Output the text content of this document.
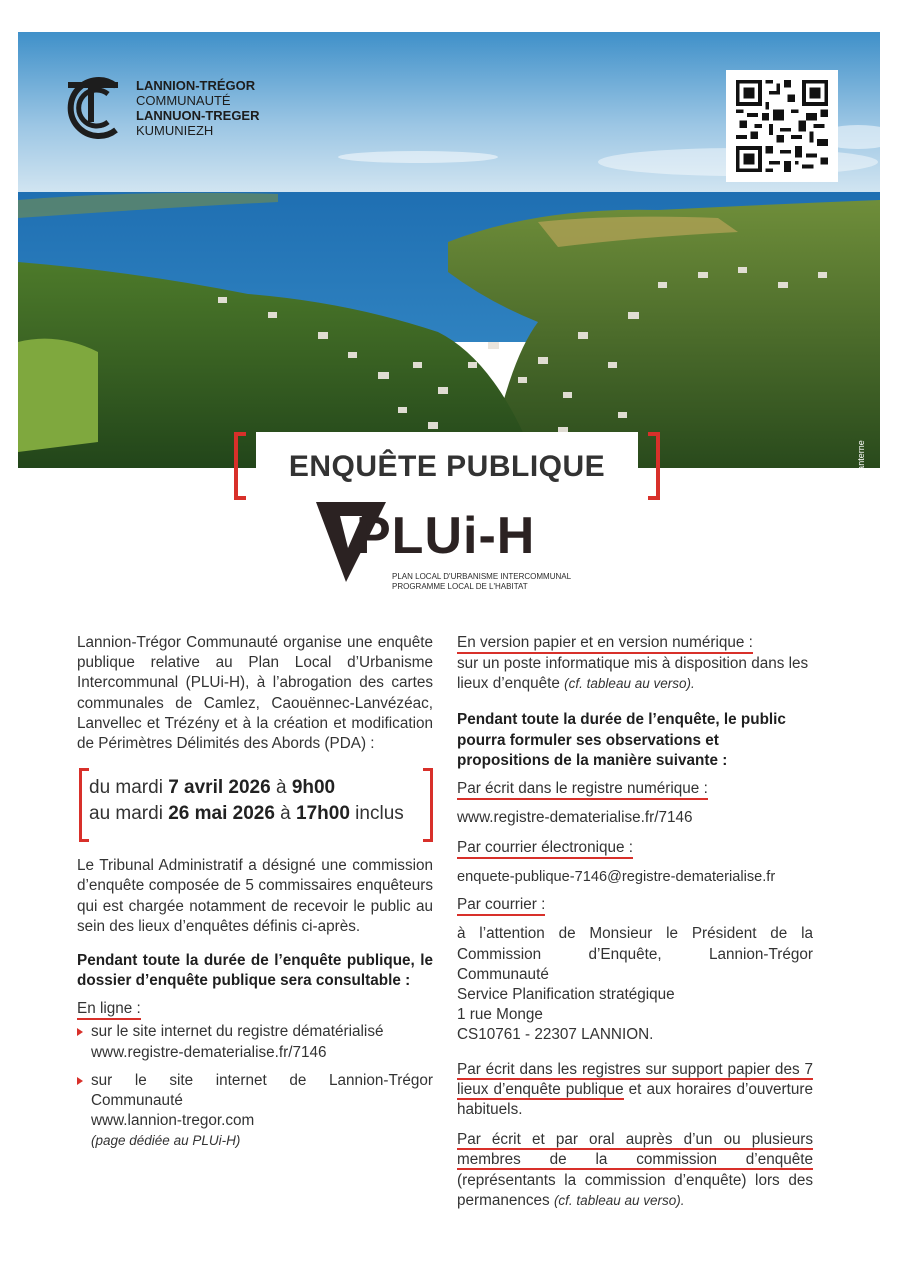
LANNION-TRÉGOR
COMMUNAUTÉ
LANNUON-TREGER
KUMUNIEZH
© Yoan Brière - La Lanterne
ENQUÊTE PUBLIQUE
PLUi-H
PLAN LOCAL D'URBANISME INTERCOMMUNAL
PROGRAMME LOCAL DE L'HABITAT

Lannion-Trégor Communauté organise une enquête publique relative au Plan Local d’Urbanisme Intercommunal (PLUi-H), à l’abrogation des cartes communales de Camlez, Caouënnec-Lanvézéac, Lanvellec et Trézény et à la création et modification de Périmètres Délimités des Abords (PDA) :

du mardi 7 avril 2026 à 9h00
au mardi 26 mai 2026 à 17h00 inclus

Le Tribunal Administratif a désigné une commission d’enquête composée de 5 commissaires enquêteurs qui est chargée notamment de recevoir le public au sein des lieux d’enquêtes définis ci-après.

Pendant toute la durée de l’enquête publique, le dossier d’enquête publique sera consultable :

En ligne :
sur le site internet du registre dématérialisé
www.registre-dematerialise.fr/7146
sur le site internet de Lannion-Trégor Communauté
www.lannion-tregor.com
(page dédiée au PLUi-H)
En version papier et en version numérique :

sur un poste informatique mis à disposition dans les lieux d’enquête (cf. tableau au verso).

Pendant toute la durée de l’enquête, le public pourra formuler ses observations et propositions de la manière suivante :

Par écrit dans le registre numérique :

www.registre-dematerialise.fr/7146

Par courrier électronique :

enquete-publique-7146@registre-dematerialise.fr

Par courrier :

à l’attention de Monsieur le Président de la Commission d’Enquête, Lannion-Trégor Communauté

Service Planification stratégique

1 rue Monge

CS10761 - 22307 LANNION.

Par écrit dans les registres sur support papier des 7 lieux d’enquête publique et aux horaires d’ouverture habituels.

Par écrit et par oral auprès d’un ou plusieurs membres de la commission d’enquête (représentants la commission d’enquête) lors des permanences (cf. tableau au verso).
